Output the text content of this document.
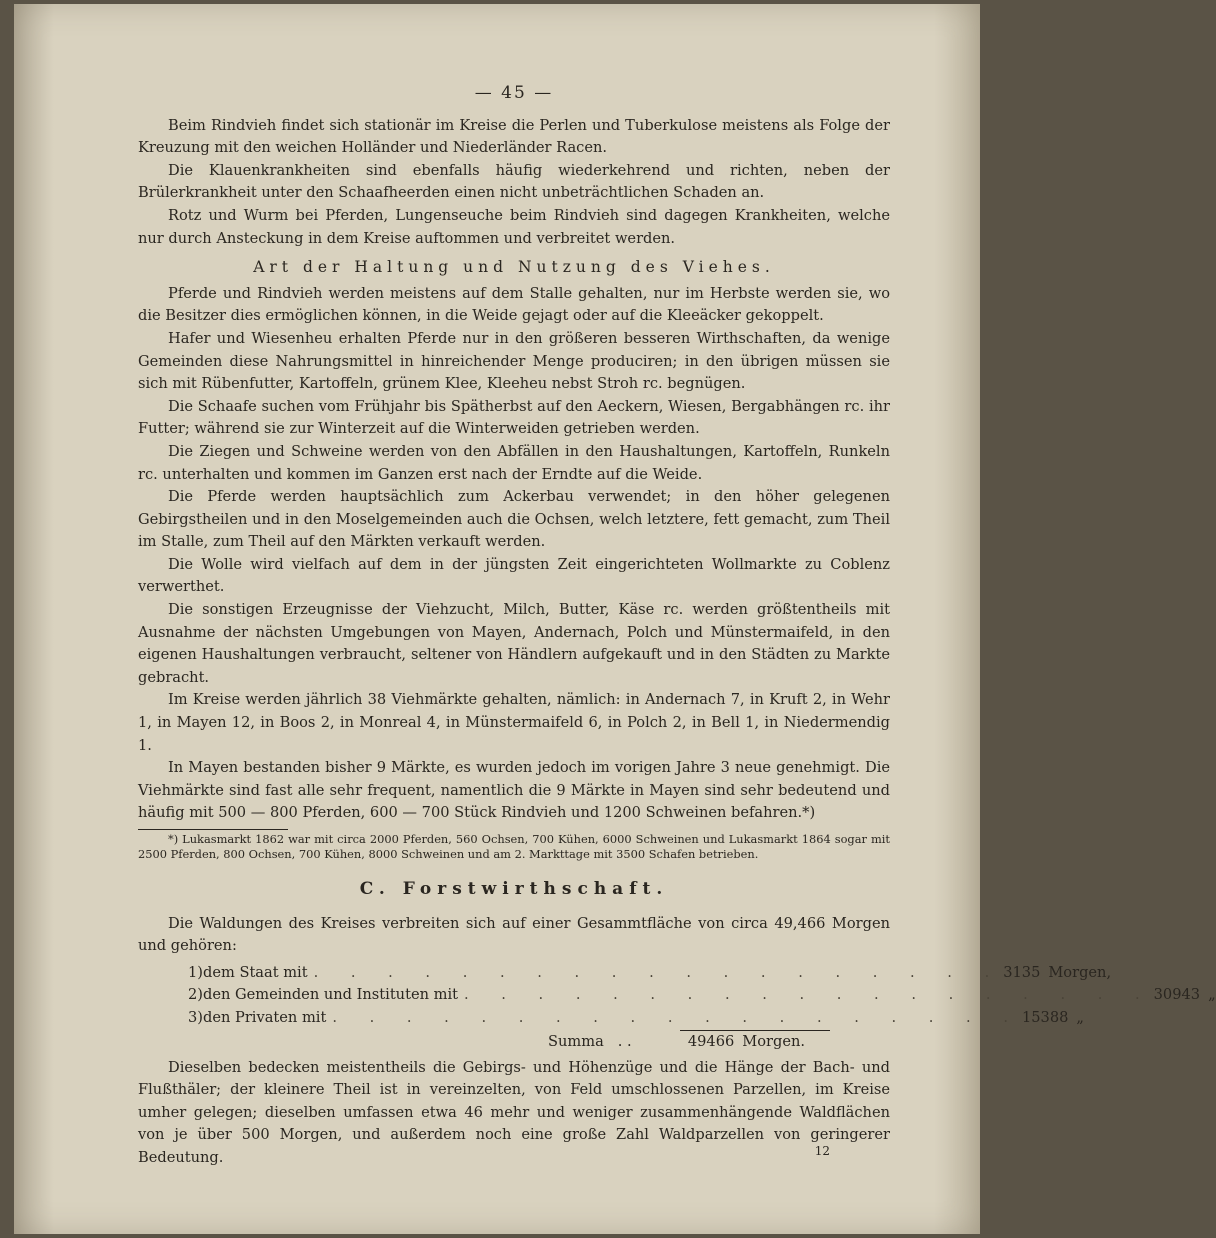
— 45 —

Beim Rindvieh findet sich stationär im Kreise die Perlen und Tuberkulose meistens als Folge der Kreuzung mit den weichen Holländer und Niederländer Racen.

Die Klauenkrankheiten sind ebenfalls häufig wiederkehrend und richten, neben der Brülerkrankheit unter den Schaafheerden einen nicht unbeträchtlichen Schaden an.

Rotz und Wurm bei Pferden, Lungenseuche beim Rindvieh sind dagegen Krankheiten, welche nur durch Ansteckung in dem Kreise auftommen und verbreitet werden.

Art der Haltung und Nutzung des Viehes.

Pferde und Rindvieh werden meistens auf dem Stalle gehalten, nur im Herbste werden sie, wo die Besitzer dies ermöglichen können, in die Weide gejagt oder auf die Kleeäcker gekoppelt.

Hafer und Wiesenheu erhalten Pferde nur in den größeren besseren Wirthschaften, da wenige Gemeinden diese Nahrungsmittel in hinreichender Menge produciren; in den übrigen müssen sie sich mit Rübenfutter, Kartoffeln, grünem Klee, Kleeheu nebst Stroh rc. begnügen.

Die Schaafe suchen vom Frühjahr bis Spätherbst auf den Aeckern, Wiesen, Bergabhängen rc. ihr Futter; während sie zur Winterzeit auf die Winterweiden getrieben werden.

Die Ziegen und Schweine werden von den Abfällen in den Haushaltungen, Kartoffeln, Runkeln rc. unterhalten und kommen im Ganzen erst nach der Erndte auf die Weide.

Die Pferde werden hauptsächlich zum Ackerbau verwendet; in den höher gelegenen Gebirgstheilen und in den Moselgemeinden auch die Ochsen, welch letztere, fett gemacht, zum Theil im Stalle, zum Theil auf den Märkten verkauft werden.

Die Wolle wird vielfach auf dem in der jüngsten Zeit eingerichteten Wollmarkte zu Coblenz verwerthet.

Die sonstigen Erzeugnisse der Viehzucht, Milch, Butter, Käse rc. werden größtentheils mit Ausnahme der nächsten Umgebungen von Mayen, Andernach, Polch und Münstermaifeld, in den eigenen Haushaltungen verbraucht, seltener von Händlern aufgekauft und in den Städten zu Markte gebracht.

Im Kreise werden jährlich 38 Viehmärkte gehalten, nämlich: in Andernach 7, in Kruft 2, in Wehr 1, in Mayen 12, in Boos 2, in Monreal 4, in Münstermaifeld 6, in Polch 2, in Bell 1, in Niedermendig 1.

In Mayen bestanden bisher 9 Märkte, es wurden jedoch im vorigen Jahre 3 neue genehmigt. Die Viehmärkte sind fast alle sehr frequent, namentlich die 9 Märkte in Mayen sind sehr bedeutend und häufig mit 500 — 800 Pferden, 600 — 700 Stück Rindvieh und 1200 Schweinen befahren.*)

*) Lukasmarkt 1862 war mit circa 2000 Pferden, 560 Ochsen, 700 Kühen, 6000 Schweinen und Lukasmarkt 1864 sogar mit 2500 Pferden, 800 Ochsen, 700 Kühen, 8000 Schweinen und am 2. Markttage mit 3500 Schafen betrieben.
C. Forstwirthschaft.

Die Waldungen des Kreises verbreiten sich auf einer Gesammtfläche von circa 49,466 Morgen und gehören:

1) dem Staat mit . . . . . . . . . . . . . . . . . . . 3135 Morgen,
2) den Gemeinden und Instituten mit . . . . . . . . . . . . . . . . . . . 30943 „
3) den Privaten mit . . . . . . . . . . . . . . . . . . . 15388 „
Summa . .	49466 Morgen.

Dieselben bedecken meistentheils die Gebirgs- und Höhenzüge und die Hänge der Bach- und Flußthäler; der kleinere Theil ist in vereinzelten, von Feld umschlossenen Parzellen, im Kreise umher gelegen; dieselben umfassen etwa 46 mehr und weniger zusammenhängende Waldflächen von je über 500 Morgen, und außerdem noch eine große Zahl Waldparzellen von geringerer Bedeutung.	12
